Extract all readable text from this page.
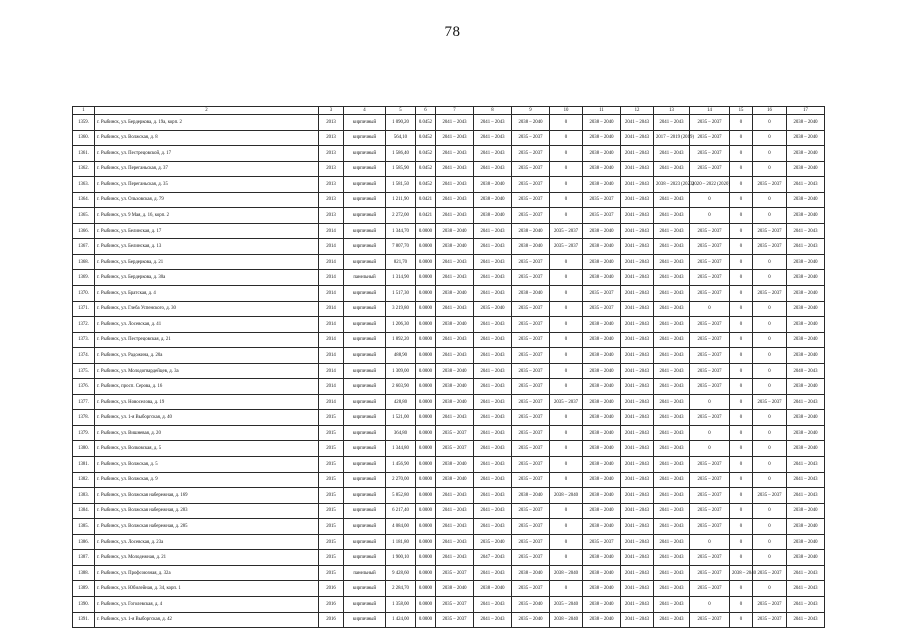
78
1	2	3	4	5	6	7	8	9	10	11	12	13	14	15	16	17
1359.	г. Рыбинск, ул. Бердеркова, д. 19а, корп. 2	2013	кирпичный	1 090,20	0.0452	2041 – 2043	2041 – 2043	2038 – 2040	0	2038 – 2040	2041 – 2043	2041 – 2043	2035 – 2037	0	0	2038 – 2040
1360.	г. Рыбинск, ул. Волжская, д. 8	2013	кирпичный	564,10	0.0452	2041 – 2043	2041 – 2043	2035 – 2037	0	2038 – 2040	2041 – 2043	2017 – 2019 (2019)	2035 – 2037	0	0	2038 – 2040
1361.	г. Рыбинск, ул. Пестрецовской, д. 17	2013	кирпичный	1 586,40	0.0452	2041 – 2043	2041 – 2043	2035 – 2037	0	2038 – 2040	2041 – 2043	2041 – 2043	2035 – 2037	0	0	2038 – 2040
1362.	г. Рыбинск, ул. Переганьская, д. 37	2013	кирпичный	1 585,90	0.0452	2041 – 2043	2041 – 2043	2035 – 2037	0	2038 – 2040	2041 – 2043	2041 – 2043	2035 – 2037	0	0	2038 – 2040
1363.	г. Рыбинск, ул. Переганьская, д. 35	2013	кирпичный	1 581,50	0.0452	2041 – 2043	2038 – 2040	2035 – 2037	0	2038 – 2040	2041 – 2043	2038 – 2023 (2023)	2020 – 2022 (2020)	0	2035 – 2037	2041 – 2043
1364.	г. Рыбинск, ул. Ольховская, д. 79	2013	кирпичный	1 211,90	0.0421	2041 – 2043	2038 – 2040	2035 – 2037	0	2035 – 2037	2041 – 2043	2041 – 2043	0	0	0	2038 – 2040
1365.	г. Рыбинск, ул. 9 Мая, д. 16, корп. 2	2013	кирпичный	2 272,00	0.0421	2041 – 2043	2038 – 2040	2035 – 2037	0	2035 – 2037	2041 – 2043	2041 – 2043	0	0	0	2038 – 2040
1366.	г. Рыбинск, ул. Белинская, д. 17	2014	кирпичный	1 344,70	0.0000	2038 – 2040	2041 – 2043	2038 – 2040	2035 – 2037	2038 – 2040	2041 – 2043	2041 – 2043	2035 – 2037	0	2035 – 2037	2041 – 2043
1367.	г. Рыбинск, ул. Белинская, д. 13	2014	кирпичный	7 807,70	0.0000	2038 – 2040	2041 – 2043	2038 – 2040	2035 – 2037	2038 – 2040	2041 – 2043	2041 – 2043	2035 – 2037	0	2035 – 2037	2041 – 2043
1368.	г. Рыбинск, ул. Бердеркова, д. 21	2014	кирпичный	821,70	0.0000	2041 – 2043	2041 – 2043	2035 – 2037	0	2038 – 2040	2041 – 2043	2041 – 2043	2035 – 2037	0	0	2038 – 2040
1369.	г. Рыбинск, ул. Бердеркова, д. 30а	2014	панельный	1 314,90	0.0000	2041 – 2043	2041 – 2043	2035 – 2037	0	2038 – 2040	2041 – 2043	2041 – 2043	2035 – 2037	0	0	2038 – 2040
1370.	г. Рыбинск, ул. Братская, д. 4	2014	кирпичный	1 517,30	0.0000	2038 – 2040	2041 – 2043	2038 – 2040	0	2035 – 2037	2041 – 2043	2041 – 2043	2035 – 2037	0	2035 – 2037	2038 – 2040
1371.	г. Рыбинск, ул. Глеба Успенского, д. 30	2014	кирпичный	3 219,80	0.0000	2041 – 2043	2035 – 2040	2035 – 2037	0	2035 – 2037	2041 – 2043	2041 – 2043	0	0	0	2038 – 2040
1372.	г. Рыбинск, ул. Лосевская, д. 41	2014	кирпичный	1 206,30	0.0000	2038 – 2040	2041 – 2043	2035 – 2037	0	2038 – 2040	2041 – 2043	2041 – 2043	2035 – 2037	0	0	2038 – 2040
1373.	г. Рыбинск, ул. Пестрецовская, д. 21	2014	кирпичный	1 892,20	0.0000	2041 – 2043	2041 – 2043	2035 – 2037	0	2038 – 2040	2041 – 2043	2041 – 2043	2035 – 2037	0	0	2038 – 2040
1374.	г. Рыбинск, ул. Радожина, д. 20а	2014	кирпичный	488,90	0.0000	2041 – 2043	2041 – 2043	2035 – 2037	0	2038 – 2040	2041 – 2043	2041 – 2043	2035 – 2037	0	0	2038 – 2040
1375.	г. Рыбинск, ул. Молодогвардейцев, д. 3а	2014	кирпичный	1 309,00	0.0000	2038 – 2040	2041 – 2043	2035 – 2037	0	2038 – 2040	2041 – 2043	2041 – 2043	2035 – 2037	0	0	2040 – 2043
1376.	г. Рыбинск, просп. Серова, д. 16	2014	кирпичный	2 603,90	0.0000	2038 – 2040	2041 – 2043	2035 – 2037	0	2038 – 2040	2041 – 2043	2041 – 2043	2035 – 2037	0	0	2038 – 2040
1377.	г. Рыбинск, ул. Новоселова, д. 19	2014	кирпичный	428,80	0.0000	2038 – 2040	2041 – 2043	2035 – 2037	2035 – 2037	2038 – 2040	2041 – 2043	2041 – 2043	0	0	2035 – 2037	2041 – 2043
1378.	г. Рыбинск, ул. 1-я Выборгская, д. 40	2015	кирпичный	1 521,00	0.0000	2041 – 2043	2041 – 2043	2035 – 2037	0	2038 – 2040	2041 – 2043	2041 – 2043	2035 – 2037	0	0	2038 – 2040
1379.	г. Рыбинск, ул. Вишневая, д. 20	2015	кирпичный	364,80	0.0000	2035 – 2037	2041 – 2043	2035 – 2037	0	2038 – 2040	2041 – 2043	2041 – 2043	0	0	0	2038 – 2040
1380.	г. Рыбинск, ул. Волковская, д. 5	2015	кирпичный	1 344,80	0.0000	2035 – 2037	2041 – 2043	2035 – 2037	0	2038 – 2040	2041 – 2043	2041 – 2043	0	0	0	2038 – 2040
1381.	г. Рыбинск, ул. Волжская, д. 5	2015	кирпичный	1 456,90	0.0000	2038 – 2040	2041 – 2043	2035 – 2037	0	2038 – 2040	2041 – 2043	2041 – 2043	2035 – 2037	0	0	2041 – 2043
1382.	г. Рыбинск, ул. Волжская, д. 9	2015	кирпичный	2 270,00	0.0000	2038 – 2040	2041 – 2043	2035 – 2037	0	2038 – 2040	2041 – 2043	2041 – 2043	2035 – 2037	0	0	2041 – 2043
1383.	г. Рыбинск, ул. Волжская набережная, д. 169	2015	кирпичный	5 852,80	0.0000	2041 – 2043	2041 – 2043	2038 – 2040	2038 – 2040	2038 – 2040	2041 – 2043	2041 – 2043	2035 – 2037	0	2035 – 2037	2041 – 2043
1384.	г. Рыбинск, ул. Волжская набережная, д. 283	2015	кирпичный	6 217,40	0.0000	2041 – 2043	2041 – 2043	2035 – 2037	0	2038 – 2040	2041 – 2043	2041 – 2043	2035 – 2037	0	0	2038 – 2040
1385.	г. Рыбинск, ул. Волжская набережная, д. 285	2015	кирпичный	4 084,00	0.0000	2041 – 2043	2041 – 2043	2035 – 2037	0	2038 – 2040	2041 – 2043	2041 – 2043	2035 – 2037	0	0	2038 – 2040
1386.	г. Рыбинск, ул. Лосевская, д. 23а	2015	кирпичный	1 181,80	0.0000	2041 – 2043	2035 – 2040	2035 – 2037	0	2035 – 2037	2041 – 2043	2041 – 2043	0	0	0	2038 – 2040
1387.	г. Рыбинск, ул. Молодежная, д. 21	2015	кирпичный	1 900,10	0.0000	2041 – 2043	2047 – 2043	2035 – 2037	0	2038 – 2040	2041 – 2043	2041 – 2043	2035 – 2037	0	0	2038 – 2040
1388.	г. Рыбинск, ул. Профсоюзная, д. 32а	2015	панельный	9 428,60	0.0000	2035 – 2037	2041 – 2043	2038 – 2040	2038 – 2040	2038 – 2040	2041 – 2043	2041 – 2043	2035 – 2037	2038 – 2040	2035 – 2037	2041 – 2043
1389.	г. Рыбинск, ул. Юбилейная, д. 34, корп. 1	2016	кирпичный	2 284,70	0.0000	2038 – 2040	2038 – 2040	2035 – 2037	0	2038 – 2040	2041 – 2043	2041 – 2043	2035 – 2037	0	0	2041 – 2043
1390.	г. Рыбинск, ул. Гоголевская, д. 4	2016	кирпичный	1 358,00	0.0000	2035 – 2037	2041 – 2043	2035 – 2040	2035 – 2040	2038 – 2040	2041 – 2043	2041 – 2043	0	0	2035 – 2037	2041 – 2043
1391.	г. Рыбинск, ул. 1-я Выборгская, д. 42	2016	кирпичный	1 424,00	0.0000	2035 – 2037	2041 – 2043	2035 – 2040	2038 – 2040	2038 – 2040	2041 – 2043	2041 – 2043	2035 – 2037	0	2035 – 2037	2041 – 2043
